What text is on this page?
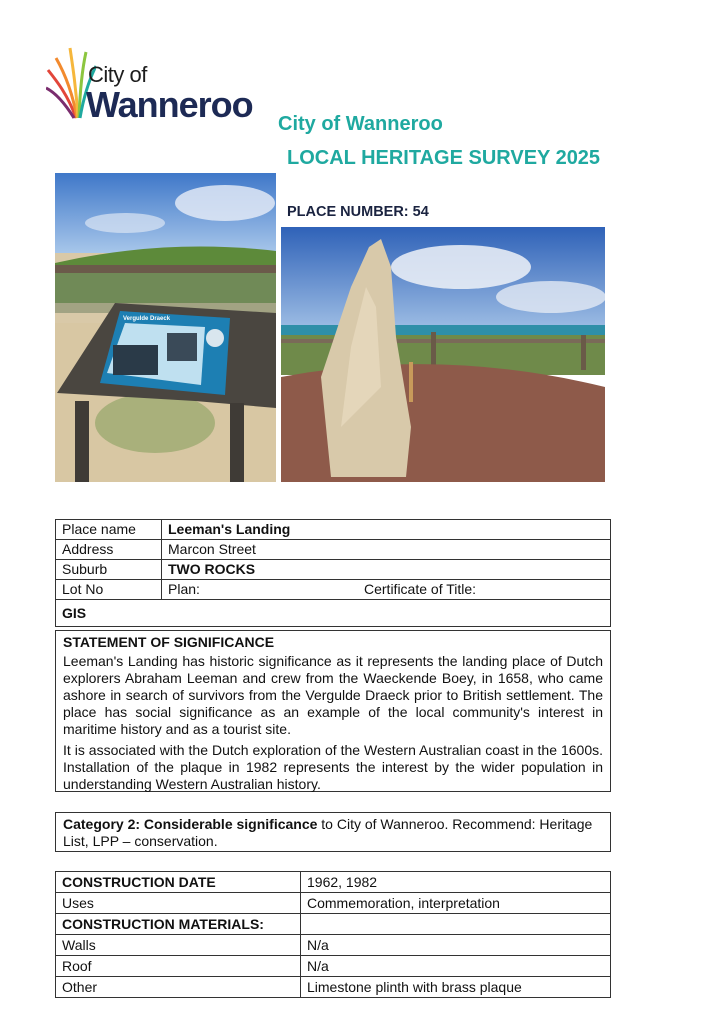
City of
Wanneroo City of Wanneroo
LOCAL HERITAGE SURVEY 2025
PLACE NUMBER: 54
Vergulde Draeck
Place name	Leeman's Landing	
Address	Marcon Street	
Suburb	TWO ROCKS	
Lot No	Plan:	Certificate of Title:
GIS		
STATEMENT OF SIGNIFICANCE

Leeman's Landing has historic significance as it represents the landing place of Dutch explorers Abraham Leeman and crew from the Waeckende Boey, in 1658, who came ashore in search of survivors from the Vergulde Draeck prior to British settlement. The place has social significance as an example of the local community's interest in maritime history and as a tourist site.

It is associated with the Dutch exploration of the Western Australian coast in the 1600s. Installation of the plaque in 1982 represents the interest by the wider population in understanding Western Australian history.

Category 2: Considerable significance to City of Wanneroo. Recommend: Heritage List, LPP – conservation.
CONSTRUCTION DATE	1962, 1982
Uses	Commemoration, interpretation
CONSTRUCTION MATERIALS:	
Walls	N/a
Roof	N/a
Other	Limestone plinth with brass plaque
